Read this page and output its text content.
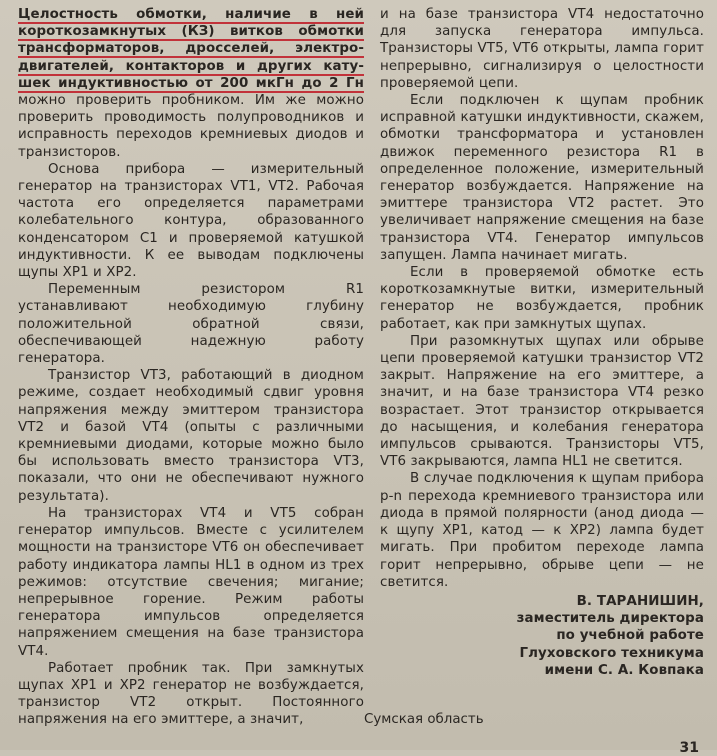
Целостность обмотки, наличие в ней
короткозамкнутых (КЗ) витков обмотки
трансформаторов, дросселей, электро-
двигателей, контакторов и других кату-
шек индуктивностью от 200 мкГн до 2 Гн

можно проверить пробником. Им же можно проверить проводимость полупроводников и исправность переходов кремниевых диодов и транзисторов.

Основа прибора — измерительный генератор на транзисторах VT1, VT2. Рабочая частота его определяется параметрами колебательного контура, образованного конденсатором C1 и проверяемой катушкой индуктивности. К ее выводам подключены щупы XP1 и XP2.

Переменным резистором R1 устанавливают необходимую глубину положительной обратной связи, обеспечивающей надежную работу генератора.

Транзистор VT3, работающий в диодном режиме, создает необходимый сдвиг уровня напряжения между эмиттером транзистора VT2 и базой VT4 (опыты с различными кремниевыми диодами, которые можно было бы использовать вместо транзистора VT3, показали, что они не обеспечивают нужного результата).

На транзисторах VT4 и VT5 собран генератор импульсов. Вместе с усилителем мощности на транзисторе VT6 он обеспечивает работу индикатора лампы HL1 в одном из трех режимов: отсутствие свечения; мигание; непрерывное горение. Режим работы генератора импульсов определяется напряжением смещения на базе транзистора VT4.

Работает пробник так. При замкнутых щупах XP1 и XP2 генератор не возбуждается, транзистор VT2 открыт. Постоянного напряжения на его эмиттере, а значит,

и на базе транзистора VT4 недостаточно для запуска генератора импульса. Транзисторы VT5, VT6 открыты, лампа горит непрерывно, сигнализируя о целостности проверяемой цепи.

Если подключен к щупам пробник исправной катушки индуктивности, скажем, обмотки трансформатора и установлен движок переменного резистора R1 в определенное положение, измерительный генератор возбуждается. Напряжение на эмиттере транзистора VT2 растет. Это увеличивает напряжение смещения на базе транзистора VT4. Генератор импульсов запущен. Лампа начинает мигать.

Если в проверяемой обмотке есть короткозамкнутые витки, измерительный генератор не возбуждается, пробник работает, как при замкнутых щупах.

При разомкнутых щупах или обрыве цепи проверяемой катушки транзистор VT2 закрыт. Напряжение на его эмиттере, а значит, и на базе транзистора VT4 резко возрастает. Этот транзистор открывается до насыщения, и колебания генератора импульсов срываются. Транзисторы VT5, VT6 закрываются, лампа HL1 не светится.

В случае подключения к щупам прибора p-n перехода кремниевого транзистора или диода в прямой полярности (анод диода — к щупу XP1, катод — к XP2) лампа будет мигать. При пробитом переходе лампа горит непрерывно, обрыве цепи — не светится.

В. ТАРАНИШИН,
заместитель директора
по учебной работе
Глуховского техникума
имени С. А. Ковпака
Сумская область
31
